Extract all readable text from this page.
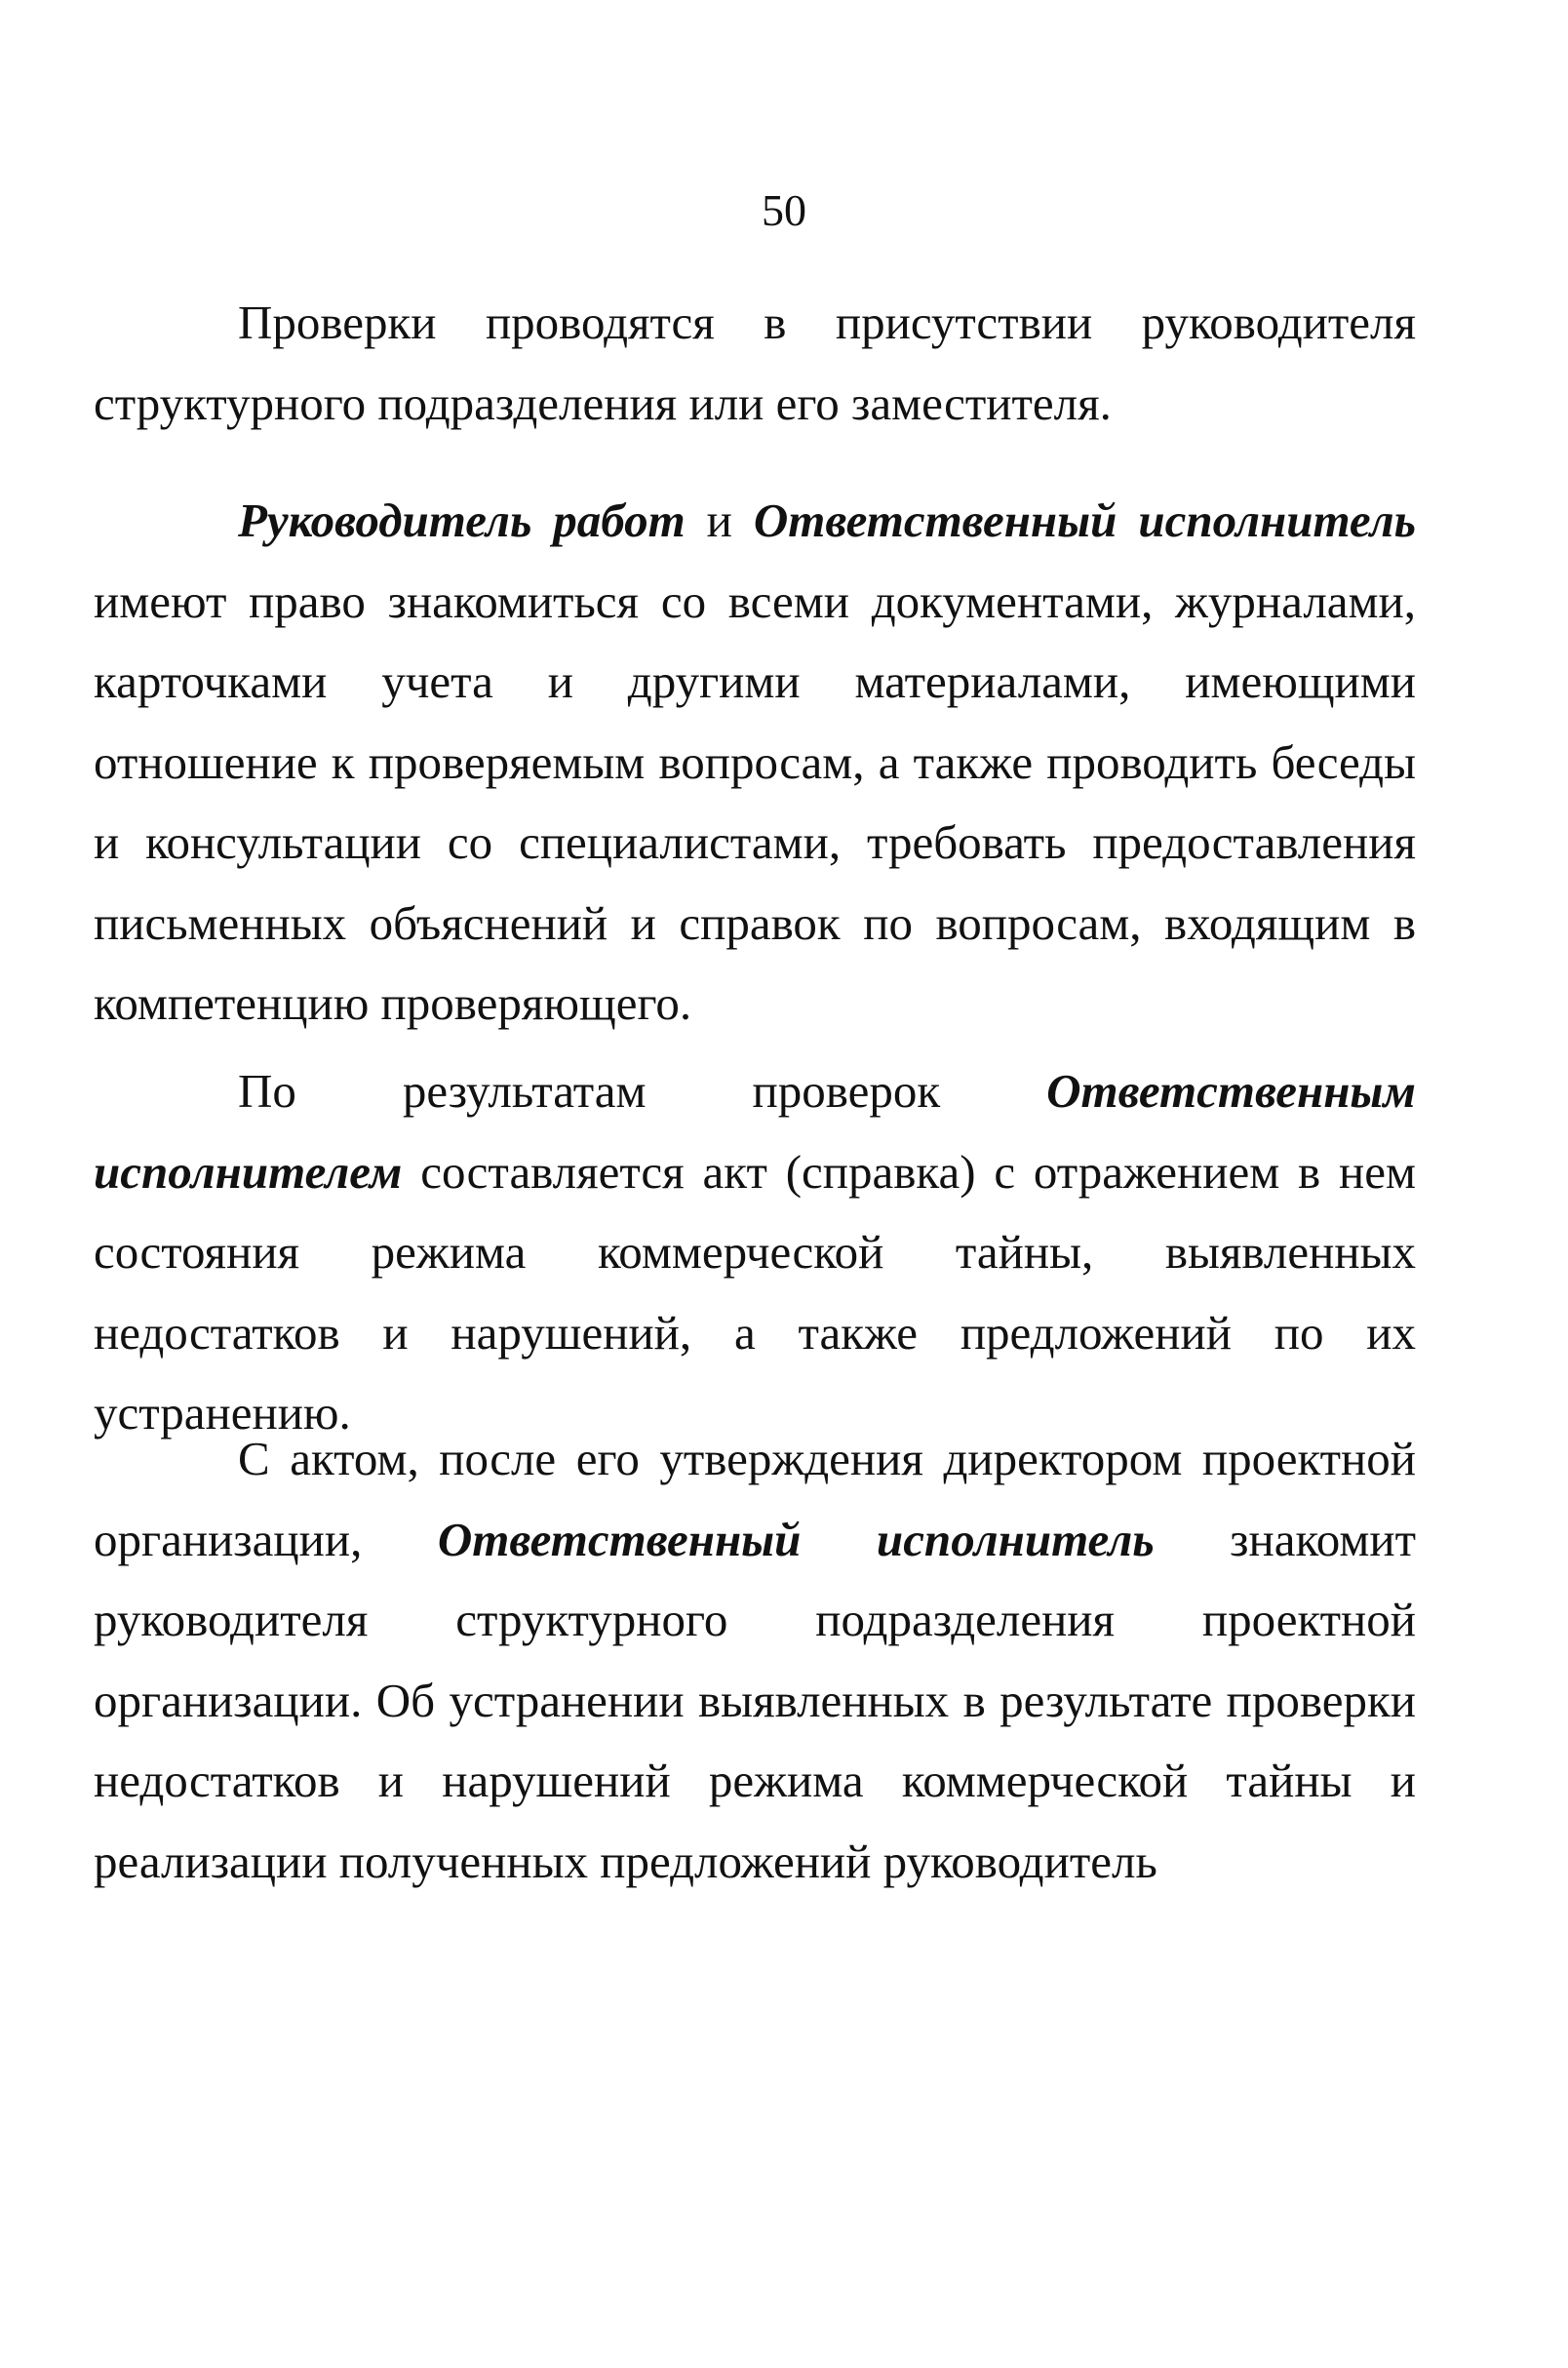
50

Проверки проводятся в присутствии руководителя структурного подразделения или его заместителя.

Руководитель работ и Ответственный исполнитель имеют право знакомиться со всеми документами, журналами, карточками учета и другими материалами, имеющими отношение к проверяемым вопросам, а также проводить беседы и консультации со специалистами, требовать предоставления письменных объяснений и справок по вопросам, входящим в компетенцию проверяющего.

По результатам проверок Ответственным исполнителем составляется акт (справка) с отражением в нем состояния режима коммерческой тайны, выявленных недостатков и нарушений, а также предложений по их устранению.

С актом, после его утверждения директором проектной организации, Ответственный исполнитель знакомит руководителя структурного подразделения проектной организации. Об устранении выявленных в результате проверки недостатков и нарушений режима коммерческой тайны и реализации полученных предложений руководитель
